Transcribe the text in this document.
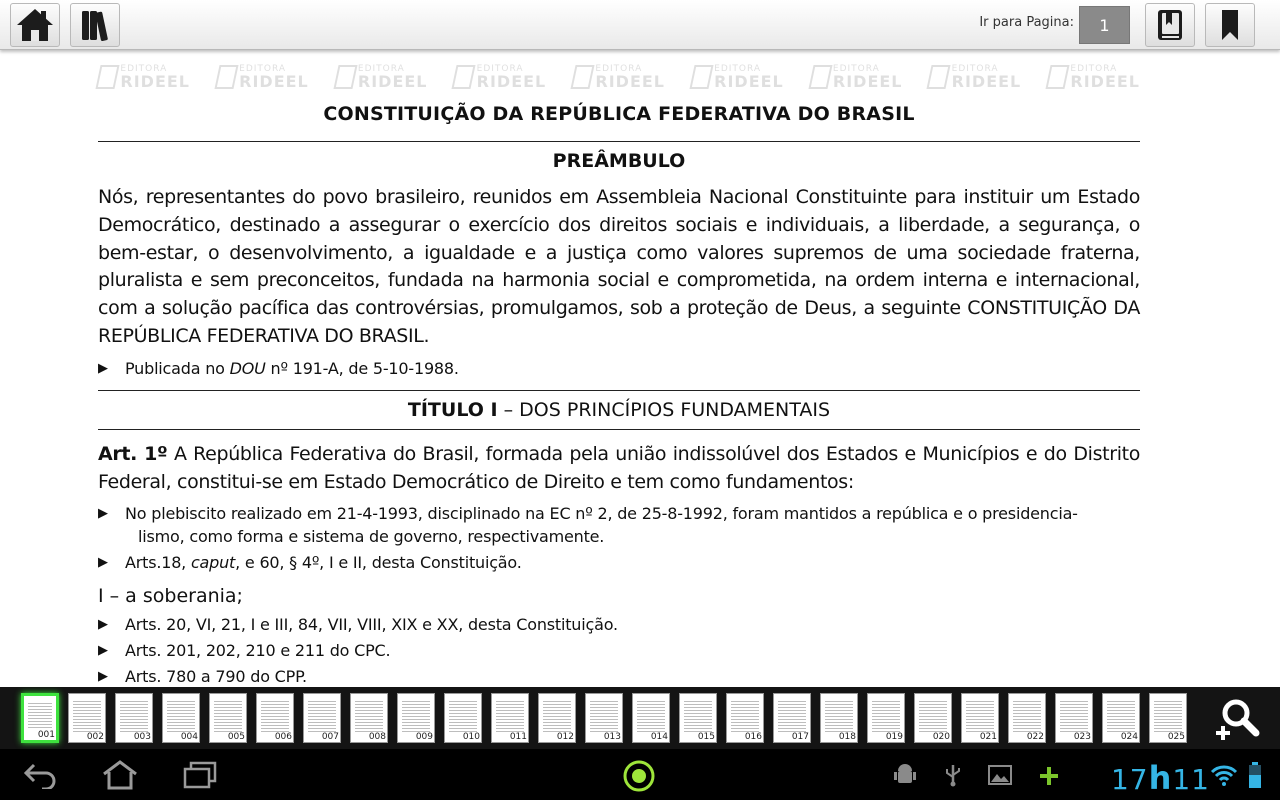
Ir para Pagina:	1
EDITORA
RIDEEL
EDITORA
RIDEEL
EDITORA
RIDEEL
EDITORA
RIDEEL
EDITORA
RIDEEL
EDITORA
RIDEEL
EDITORA
RIDEEL
EDITORA
RIDEEL
EDITORA
RIDEEL
CONSTITUIÇÃO DA REPÚBLICA FEDERATIVA DO BRASIL
PREÂMBULO
Nós, representantes do povo brasileiro, reunidos em Assembleia Nacional Constituinte para instituir um Estado Democrático, destinado a assegurar o exercício dos direitos sociais e individuais, a liberdade, a segurança, o bem-estar, o desenvolvimento, a igualdade e a justiça como valores supremos de uma sociedade fraterna, pluralista e sem preconceitos, fundada na harmonia social e comprometida, na ordem interna e internacional, com a solução pacífica das controvérsias, promulgamos, sob a proteção de Deus, a seguinte CONSTITUIÇÃO DA REPÚBLICA FEDERATIVA DO BRASIL.
▶ Publicada no DOU nº 191-A, de 5-10-1988.
TÍTULO I – DOS PRINCÍPIOS FUNDAMENTAIS
Art. 1º A República Federativa do Brasil, formada pela união indissolúvel dos Estados e Municípios e do Distrito Federal, constitui-se em Estado Democrático de Direito e tem como fundamentos:
▶ No plebiscito realizado em 21-4-1993, disciplinado na EC nº 2, de 25-8-1992, foram mantidos a república e o presidencia-
lismo, como forma e sistema de governo, respectivamente.
▶ Arts.18, caput, e 60, § 4º, I e II, desta Constituição.
I – a soberania;
▶ Arts. 20, VI, 21, I e III, 84, VII, VIII, XIX e XX, desta Constituição.
▶ Arts. 201, 202, 210 e 211 do CPC.
▶ Arts. 780 a 790 do CPP.
001	002	003	004	005	006	007	008	009	010	011	012	013	014	015	016	017	018	019	020	021	022	023	024	025
17h11
